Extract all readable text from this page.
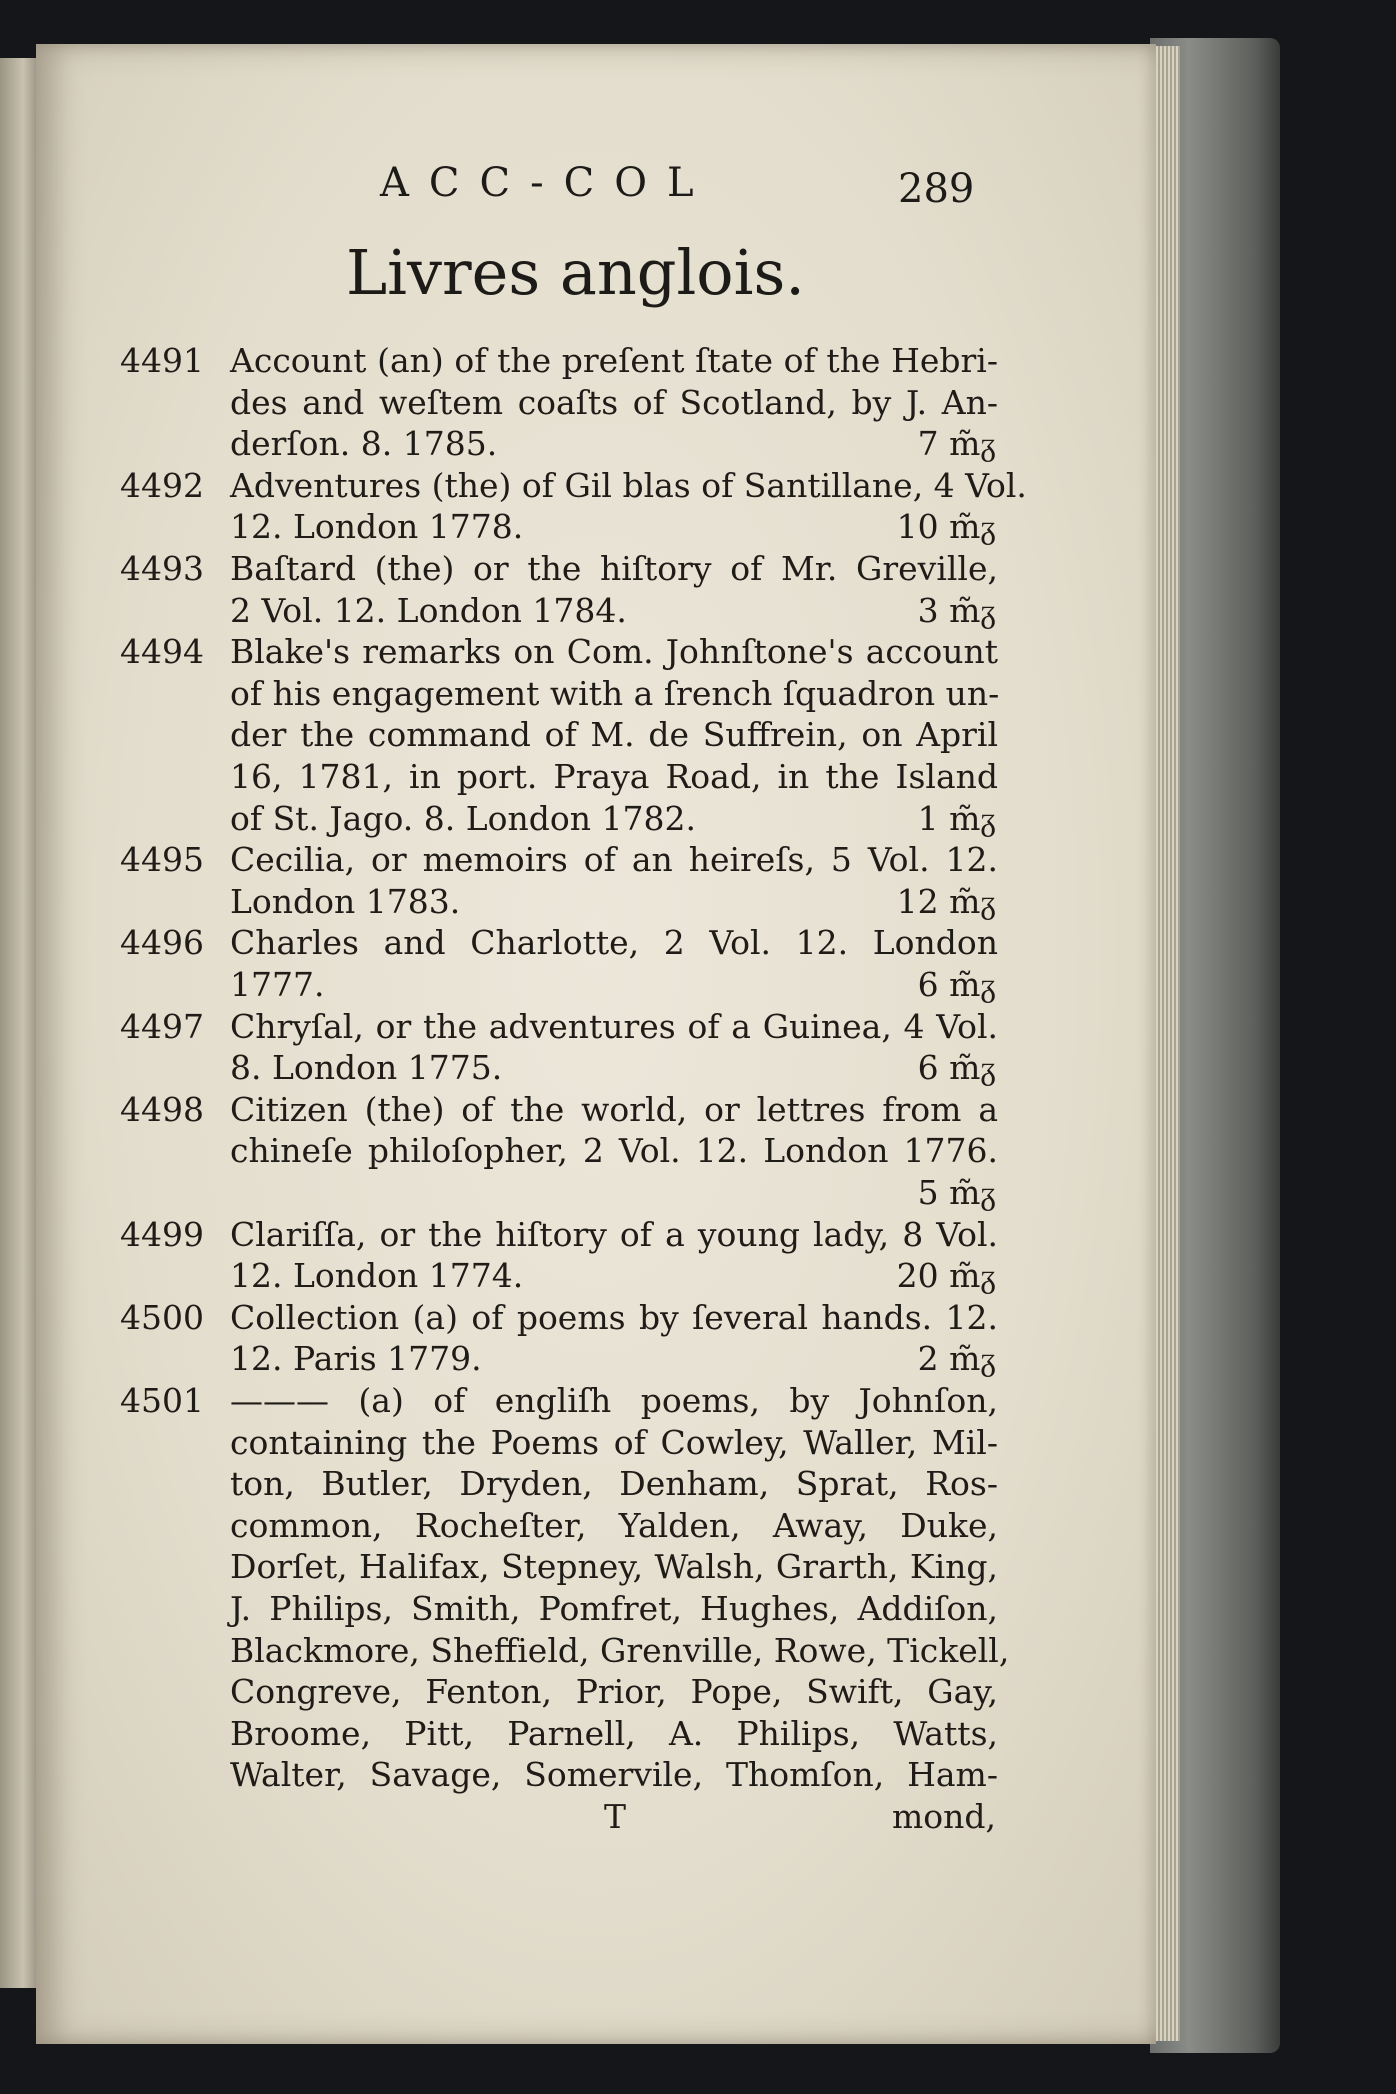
ACC-COL	289
Livres anglois.
4491 Account (an) of the preſent ſtate of the Hebri-
des and weſtem coaſts of Scotland, by J. An-
derſon. 8. 1785.	7 m̃ᵹ
4492 Adventures (the) of Gil blas of Santillane, 4 Vol.
12. London 1778.	10 m̃ᵹ
4493 Baſtard (the) or the hiſtory of Mr. Greville,
2 Vol. 12. London 1784.	3 m̃ᵹ
4494 Blake's remarks on Com. Johnſtone's account
of his engagement with a ſrench ſquadron un-
der the command of M. de Suffrein, on April
16, 1781, in port. Praya Road, in the Island
of St. Jago. 8. London 1782.	1 m̃ᵹ
4495 Cecilia, or memoirs of an heireſs, 5 Vol. 12.
London 1783.	12 m̃ᵹ
4496 Charles and Charlotte, 2 Vol. 12. London
1777.	6 m̃ᵹ
4497 Chryſal, or the adventures of a Guinea, 4 Vol.
8. London 1775.	6 m̃ᵹ
4498 Citizen (the) of the world, or lettres from a
chineſe philoſopher, 2 Vol. 12. London 1776.
5 m̃ᵹ
4499 Clariſſa, or the hiſtory of a young lady, 8 Vol.
12. London 1774.	20 m̃ᵹ
4500 Collection (a) of poems by ſeveral hands. 12.
12. Paris 1779.	2 m̃ᵹ
4501 ——— (a) of engliſh poems, by Johnſon,
containing the Poems of Cowley, Waller, Mil-
ton, Butler, Dryden, Denham, Sprat, Ros-
common, Rocheſter, Yalden, Away, Duke,
Dorſet, Halifax, Stepney, Walsh, Grarth, King,
J. Philips, Smith, Pomfret, Hughes, Addiſon,
Blackmore, Sheffield, Grenville, Rowe, Tickell,
Congreve, Fenton, Prior, Pope, Swift, Gay,
Broome, Pitt, Parnell, A. Philips, Watts,
Walter, Savage, Somervile, Thomſon, Ham-
T	mond,
